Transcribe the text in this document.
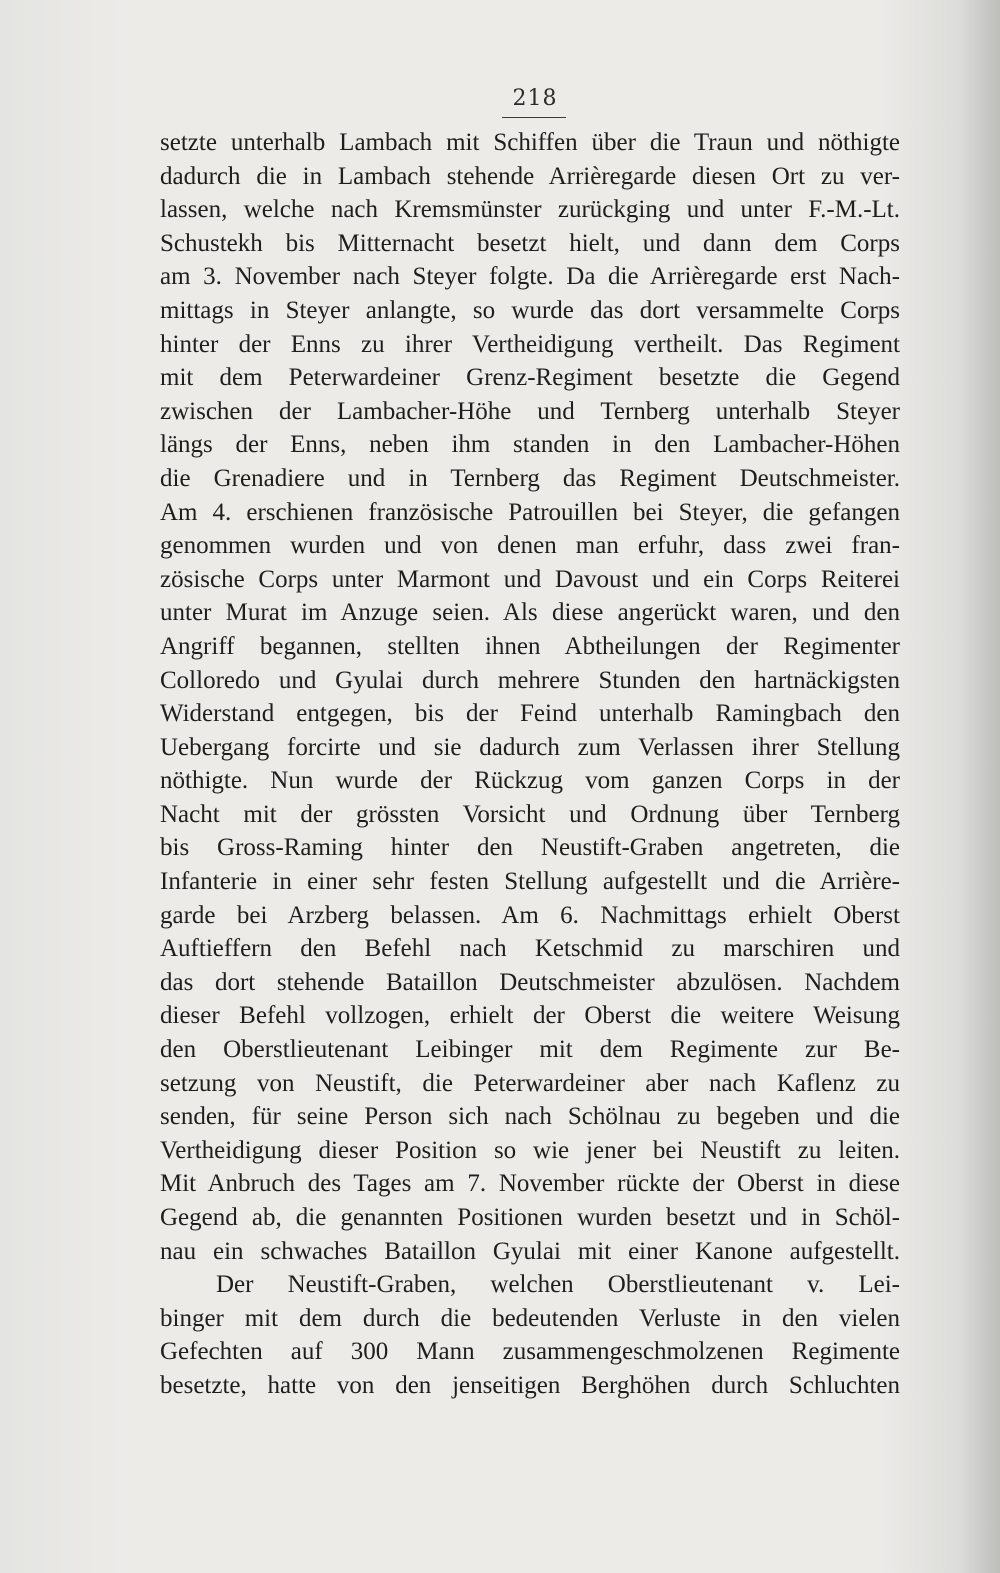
218
setzte unterhalb Lambach mit Schiffen über die Traun und nöthigte
dadurch die in Lambach stehende Arrièregarde diesen Ort zu ver-
lassen, welche nach Kremsmünster zurückging und unter F.-M.-Lt.
Schustekh bis Mitternacht besetzt hielt, und dann dem Corps
am 3. November nach Steyer folgte. Da die Arrièregarde erst Nach-
mittags in Steyer anlangte, so wurde das dort versammelte Corps
hinter der Enns zu ihrer Vertheidigung vertheilt. Das Regiment
mit dem Peterwardeiner Grenz-Regiment besetzte die Gegend
zwischen der Lambacher-Höhe und Ternberg unterhalb Steyer
längs der Enns, neben ihm standen in den Lambacher-Höhen
die Grenadiere und in Ternberg das Regiment Deutschmeister.
Am 4. erschienen französische Patrouillen bei Steyer, die gefangen
genommen wurden und von denen man erfuhr, dass zwei fran-
zösische Corps unter Marmont und Davoust und ein Corps Reiterei
unter Murat im Anzuge seien. Als diese angerückt waren, und den
Angriff begannen, stellten ihnen Abtheilungen der Regimenter
Colloredo und Gyulai durch mehrere Stunden den hartnäckigsten
Widerstand entgegen, bis der Feind unterhalb Ramingbach den
Uebergang forcirte und sie dadurch zum Verlassen ihrer Stellung
nöthigte. Nun wurde der Rückzug vom ganzen Corps in der
Nacht mit der grössten Vorsicht und Ordnung über Ternberg
bis Gross-Raming hinter den Neustift-Graben angetreten, die
Infanterie in einer sehr festen Stellung aufgestellt und die Arrière-
garde bei Arzberg belassen. Am 6. Nachmittags erhielt Oberst
Auftieffern den Befehl nach Ketschmid zu marschiren und
das dort stehende Bataillon Deutschmeister abzulösen. Nachdem
dieser Befehl vollzogen, erhielt der Oberst die weitere Weisung
den Oberstlieutenant Leibinger mit dem Regimente zur Be-
setzung von Neustift, die Peterwardeiner aber nach Kaflenz zu
senden, für seine Person sich nach Schölnau zu begeben und die
Vertheidigung dieser Position so wie jener bei Neustift zu leiten.
Mit Anbruch des Tages am 7. November rückte der Oberst in diese
Gegend ab, die genannten Positionen wurden besetzt und in Schöl-
nau ein schwaches Bataillon Gyulai mit einer Kanone aufgestellt.
Der Neustift-Graben, welchen Oberstlieutenant v. Lei-
binger mit dem durch die bedeutenden Verluste in den vielen
Gefechten auf 300 Mann zusammengeschmolzenen Regimente
besetzte, hatte von den jenseitigen Berghöhen durch Schluchten
